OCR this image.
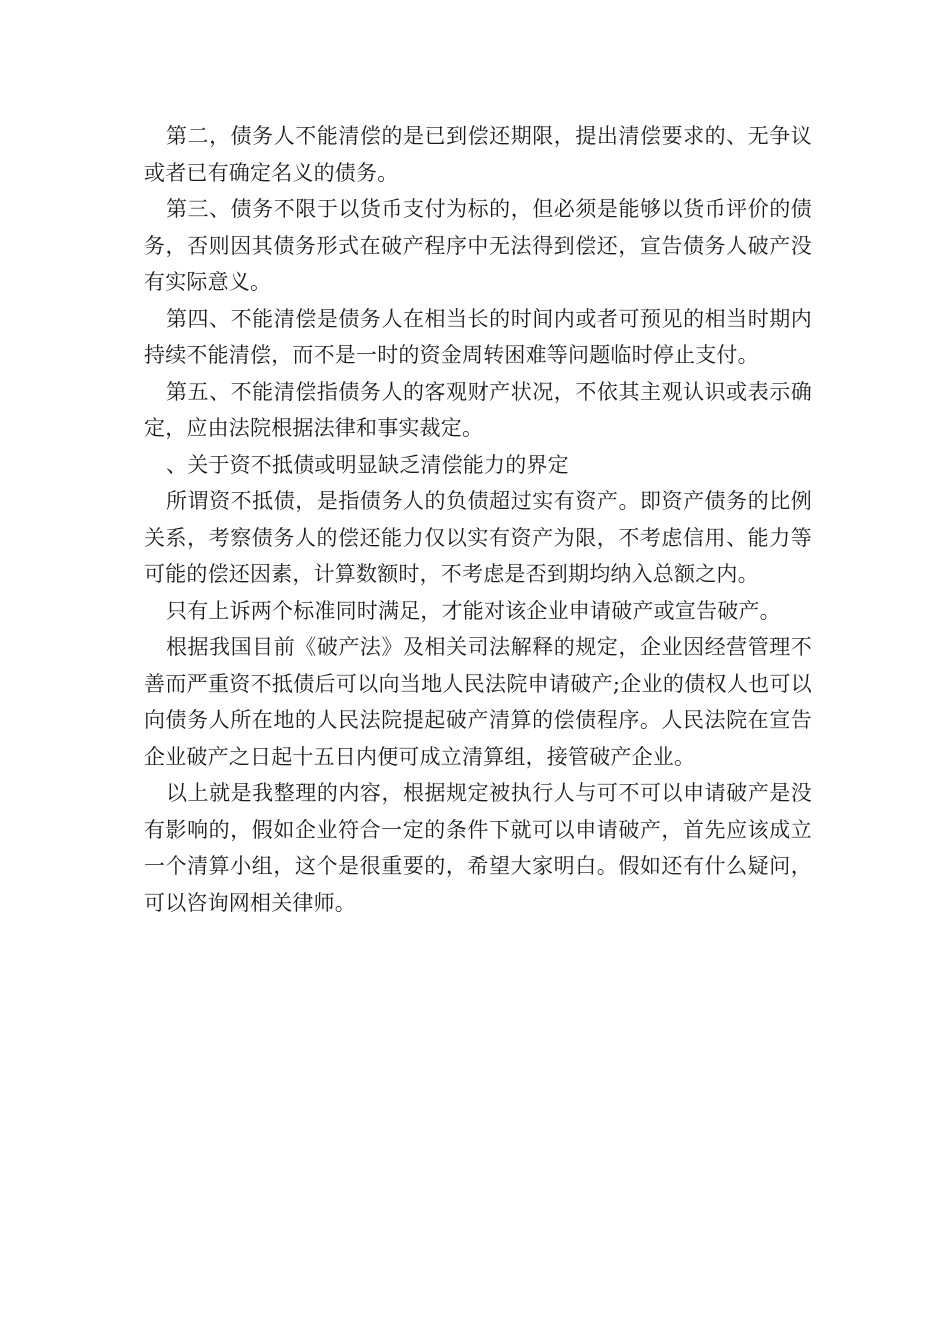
第二，债务人不能清偿的是已到偿还期限，提出清偿要求的、无争议或者已有确定名义的债务。

第三、债务不限于以货币支付为标的，但必须是能够以货币评价的债务，否则因其债务形式在破产程序中无法得到偿还，宣告债务人破产没有实际意义。

第四、不能清偿是债务人在相当长的时间内或者可预见的相当时期内持续不能清偿，而不是一时的资金周转困难等问题临时停止支付。

第五、不能清偿指债务人的客观财产状况，不依其主观认识或表示确定，应由法院根据法律和事实裁定。

、关于资不抵债或明显缺乏清偿能力的界定

所谓资不抵债，是指债务人的负债超过实有资产。即资产债务的比例关系，考察债务人的偿还能力仅以实有资产为限，不考虑信用、能力等可能的偿还因素，计算数额时，不考虑是否到期均纳入总额之内。

只有上诉两个标准同时满足，才能对该企业申请破产或宣告破产。

根据我国目前《破产法》及相关司法解释的规定，企业因经营管理不善而严重资不抵债后可以向当地人民法院申请破产;企业的债权人也可以向债务人所在地的人民法院提起破产清算的偿债程序。人民法院在宣告企业破产之日起十五日内便可成立清算组，接管破产企业。

以上就是我整理的内容，根据规定被执行人与可不可以申请破产是没有影响的，假如企业符合一定的条件下就可以申请破产，首先应该成立一个清算小组，这个是很重要的，希望大家明白。假如还有什么疑问，可以咨询网相关律师。
